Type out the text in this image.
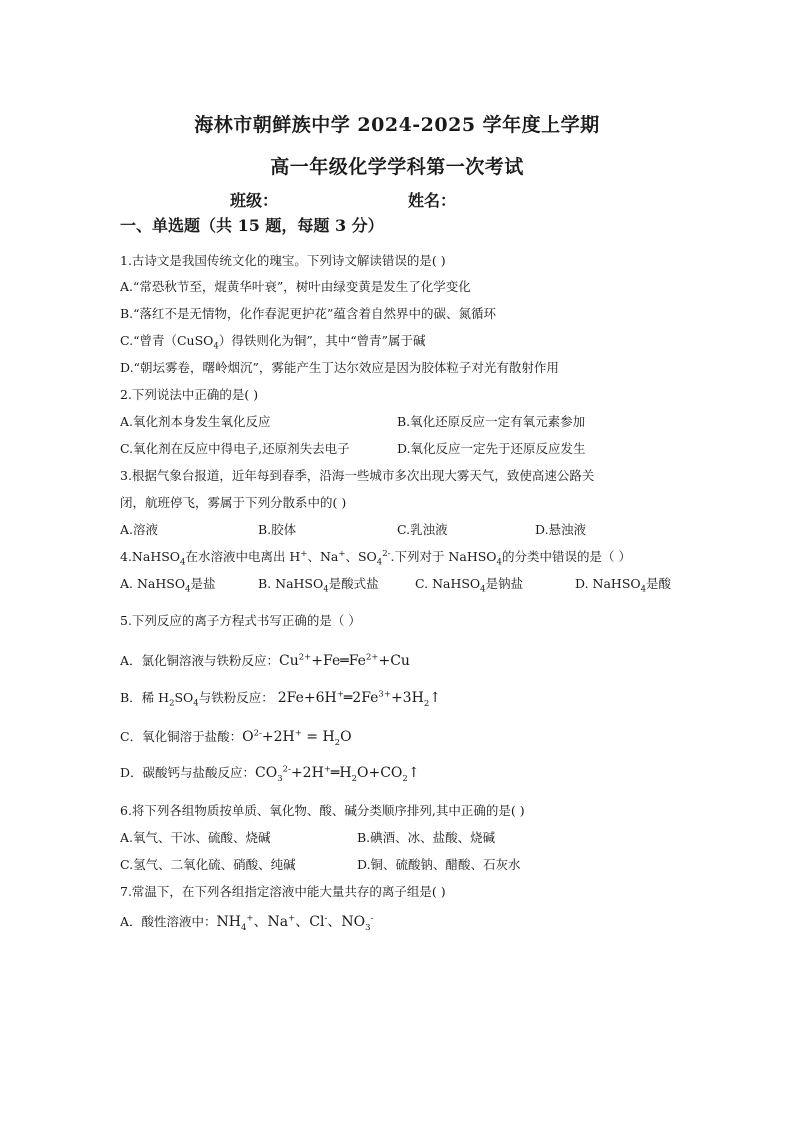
海林市朝鲜族中学 2024-2025 学年度上学期
高一年级化学学科第一次考试
班级：	姓名：
一、单选题（共 15 题，每题 3 分）
1.古诗文是我国传统文化的瑰宝。下列诗文解读错误的是( )
A.“常恐秋节至，焜黄华叶衰”，树叶由绿变黄是发生了化学变化
B.“落红不是无情物，化作春泥更护花”蕴含着自然界中的碳、氮循环
C.“曾青（CuSO$_4$）得铁则化为铜”，其中“曾青”属于碱
D.“朝坛雾卷，曙岭烟沉”，雾能产生丁达尔效应是因为胶体粒子对光有散射作用
2.下列说法中正确的是( )
A.氧化剂本身发生氧化反应	B.氧化还原反应一定有氧元素参加
C.氧化剂在反应中得电子,还原剂失去电子	D.氧化反应一定先于还原反应发生
3.根据气象台报道，近年每到春季，沿海一些城市多次出现大雾天气，致使高速公路关
闭，航班停飞，雾属于下列分散系中的( )
A.溶液	B.胶体	C.乳浊液	D.悬浊液
4.NaHSO$_4$在水溶液中电离出 H+、Na+、$SO_4^{2-}$.下列对于 NaHSO$_4$的分类中错误的是（ ）
A. NaHSO$_4$是盐	B. NaHSO$_4$是酸式盐	C. NaHSO$_4$是钠盐	D. NaHSO$_4$是酸
5.下列反应的离子方程式书写正确的是（ ）
A．氯化铜溶液与铁粉反应：$Cu^{2+}+Fe═Fe^{2+}+Cu$
B．稀 $H_2SO_4$与铁粉反应： $2Fe+6H^+═2Fe^{3+}+3H_2↑$
C．氧化铜溶于盐酸：$O^{2-}+2H^+ = H_2O$
D．碳酸钙与盐酸反应：$CO_3^{2-}+2H^+═H_2O+CO_2↑$
6.将下列各组物质按单质、氧化物、酸、碱分类顺序排列,其中正确的是( )
A.氧气、干冰、硫酸、烧碱	B.碘酒、冰、盐酸、烧碱
C.氢气、二氧化硫、硝酸、纯碱	D.铜、硫酸钠、醋酸、石灰水
7.常温下，在下列各组指定溶液中能大量共存的离子组是( )
A．酸性溶液中：$NH_4^+$、Na+、Cl-、$NO_3^-$
